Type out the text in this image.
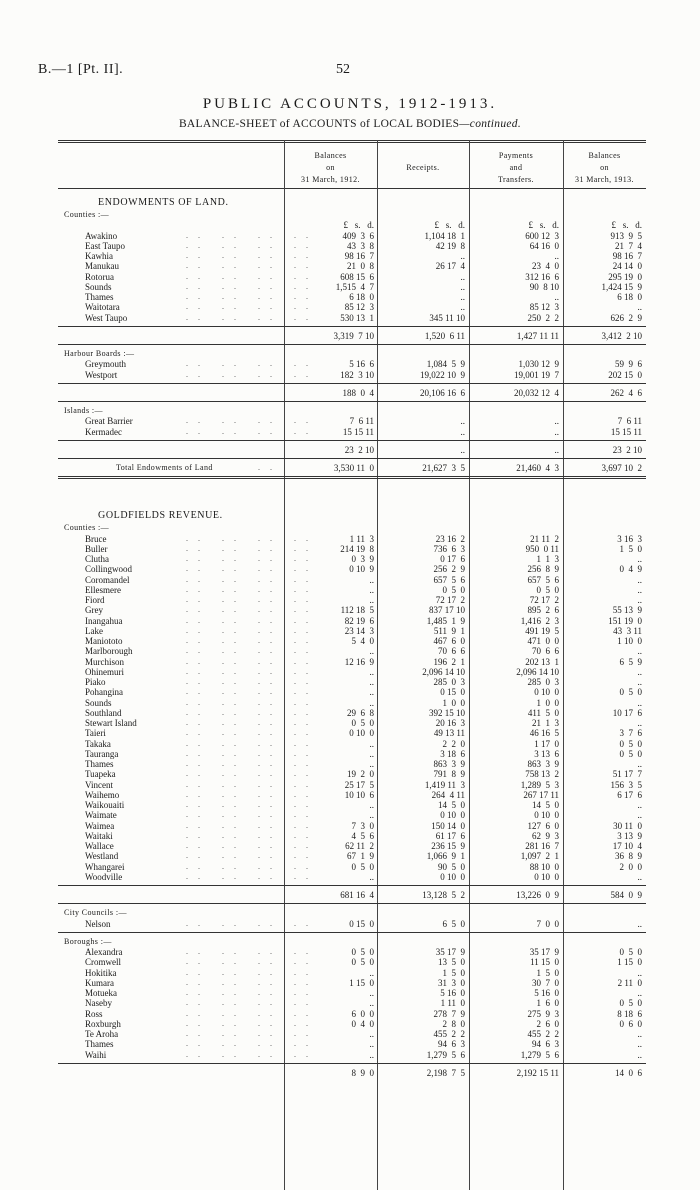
B.—1 [Pt. II].	52
PUBLIC ACCOUNTS, 1912-1913.
BALANCE-SHEET of ACCOUNTS of LOCAL BODIES—continued.
Balances
on
31 March, 1912.
Receipts.
Payments
and
Transfers.
Balances
on
31 March, 1913.
ENDOWMENTS OF LAND.
Counties :—
£   s.   d.	£   s.   d.	£   s.   d.	£   s.   d.
Awakino	.. .. .. ..	409  3  6	1,104 18  1	600 12  3	913  9  5
East Taupo	.. .. .. ..	43  3  8	42 19  8	64 16  0	21  7  4
Kawhia	.. .. .. ..	98 16  7	..	..	98 16  7
Manukau	.. .. .. ..	21  0  8	26 17  4	23  4  0	24 14  0
Rotorua	.. .. .. ..	608 15  6	..	312 16  6	295 19  0
Sounds	.. .. .. ..	1,515  4  7	..	90  8 10	1,424 15  9
Thames	.. .. .. ..	6 18  0	..	..	6 18  0
Waitotara	.. .. .. ..	85 12  3	..	85 12  3	..
West Taupo	.. .. .. ..	530 13  1	345 11 10	250  2  2	626  2  9
3,319  7 10	1,520  6 11	1,427 11 11	3,412  2 10
Harbour Boards :—
Greymouth	.. .. .. ..	5 16  6	1,084  5  9	1,030 12  9	59  9  6
Westport	.. .. .. ..	182  3 10	19,022 10  9	19,001 19  7	202 15  0
188  0  4	20,106 16  6	20,032 12  4	262  4  6
Islands :—
Great Barrier	.. .. .. ..	7  6 11	..	..	7  6 11
Kermadec	.. .. .. ..	15 15 11	..	..	15 15 11
23  2 10	..	..	23  2 10
Total Endowments of Land	..	3,530 11  0	21,627  3  5	21,460  4  3	3,697 10  2
GOLDFIELDS REVENUE.
Counties :—
Bruce	.. .. .. ..	1 11  3	23 16  2	21 11  2	3 16  3
Buller	.. .. .. ..	214 19  8	736  6  3	950  0 11	1  5  0
Clutha	.. .. .. ..	0  3  9	0 17  6	1  1  3	..
Collingwood	.. .. .. ..	0 10  9	256  2  9	256  8  9	0  4  9
Coromandel	.. .. .. ..	..	657  5  6	657  5  6	..
Ellesmere	.. .. .. ..	..	0  5  0	0  5  0	..
Fiord	.. .. .. ..	..	72 17  2	72 17  2	..
Grey	.. .. .. ..	112 18  5	837 17 10	895  2  6	55 13  9
Inangahua	.. .. .. ..	82 19  6	1,485  1  9	1,416  2  3	151 19  0
Lake	.. .. .. ..	23 14  3	511  9  1	491 19  5	43  3 11
Maniototo	.. .. .. ..	5  4  0	467  6  0	471  0  0	1 10  0
Marlborough	.. .. .. ..	..	70  6  6	70  6  6	..
Murchison	.. .. .. ..	12 16  9	196  2  1	202 13  1	6  5  9
Ohinemuri	.. .. .. ..	..	2,096 14 10	2,096 14 10	..
Piako	.. .. .. ..	..	285  0  3	285  0  3	..
Pohangina	.. .. .. ..	..	0 15  0	0 10  0	0  5  0
Sounds	.. .. .. ..	..	1  0  0	1  0  0	..
Southland	.. .. .. ..	29  6  8	392 15 10	411  5  0	10 17  6
Stewart Island	.. .. .. ..	0  5  0	20 16  3	21  1  3	..
Taieri	.. .. .. ..	0 10  0	49 13 11	46 16  5	3  7  6
Takaka	.. .. .. ..	..	2  2  0	1 17  0	0  5  0
Tauranga	.. .. .. ..	..	3 18  6	3 13  6	0  5  0
Thames	.. .. .. ..	..	863  3  9	863  3  9	..
Tuapeka	.. .. .. ..	19  2  0	791  8  9	758 13  2	51 17  7
Vincent	.. .. .. ..	25 17  5	1,419 11  3	1,289  5  3	156  3  5
Waihemo	.. .. .. ..	10 10  6	264  4 11	267 17 11	6 17  6
Waikouaiti	.. .. .. ..	..	14  5  0	14  5  0	..
Waimate	.. .. .. ..	..	0 10  0	0 10  0	..
Waimea	.. .. .. ..	7  3  0	150 14  0	127  6  0	30 11  0
Waitaki	.. .. .. ..	4  5  6	61 17  6	62  9  3	3 13  9
Wallace	.. .. .. ..	62 11  2	236 15  9	281 16  7	17 10  4
Westland	.. .. .. ..	67  1  9	1,066  9  1	1,097  2  1	36  8  9
Whangarei	.. .. .. ..	0  5  0	90  5  0	88 10  0	2  0  0
Woodville	.. .. .. ..	..	0 10  0	0 10  0	..
681 16  4	13,128  5  2	13,226  0  9	584  0  9
City Councils :—
Nelson	.. .. .. ..	0 15  0	6  5  0	7  0  0	..
Boroughs :—
Alexandra	.. .. .. ..	0  5  0	35 17  9	35 17  9	0  5  0
Cromwell	.. .. .. ..	0  5  0	13  5  0	11 15  0	1 15  0
Hokitika	.. .. .. ..	..	1  5  0	1  5  0	..
Kumara	.. .. .. ..	1 15  0	31  3  0	30  7  0	2 11  0
Motueka	.. .. .. ..	..	5 16  0	5 16  0	..
Naseby	.. .. .. ..	..	1 11  0	1  6  0	0  5  0
Ross	.. .. .. ..	6  0  0	278  7  9	275  9  3	8 18  6
Roxburgh	.. .. .. ..	0  4  0	2  8  0	2  6  0	0  6  0
Te Aroha	.. .. .. ..	..	455  2  2	455  2  2	..
Thames	.. .. .. ..	..	94  6  3	94  6  3	..
Waihi	.. .. .. ..	..	1,279  5  6	1,279  5  6	..
8  9  0	2,198  7  5	2,192 15 11	14  0  6
